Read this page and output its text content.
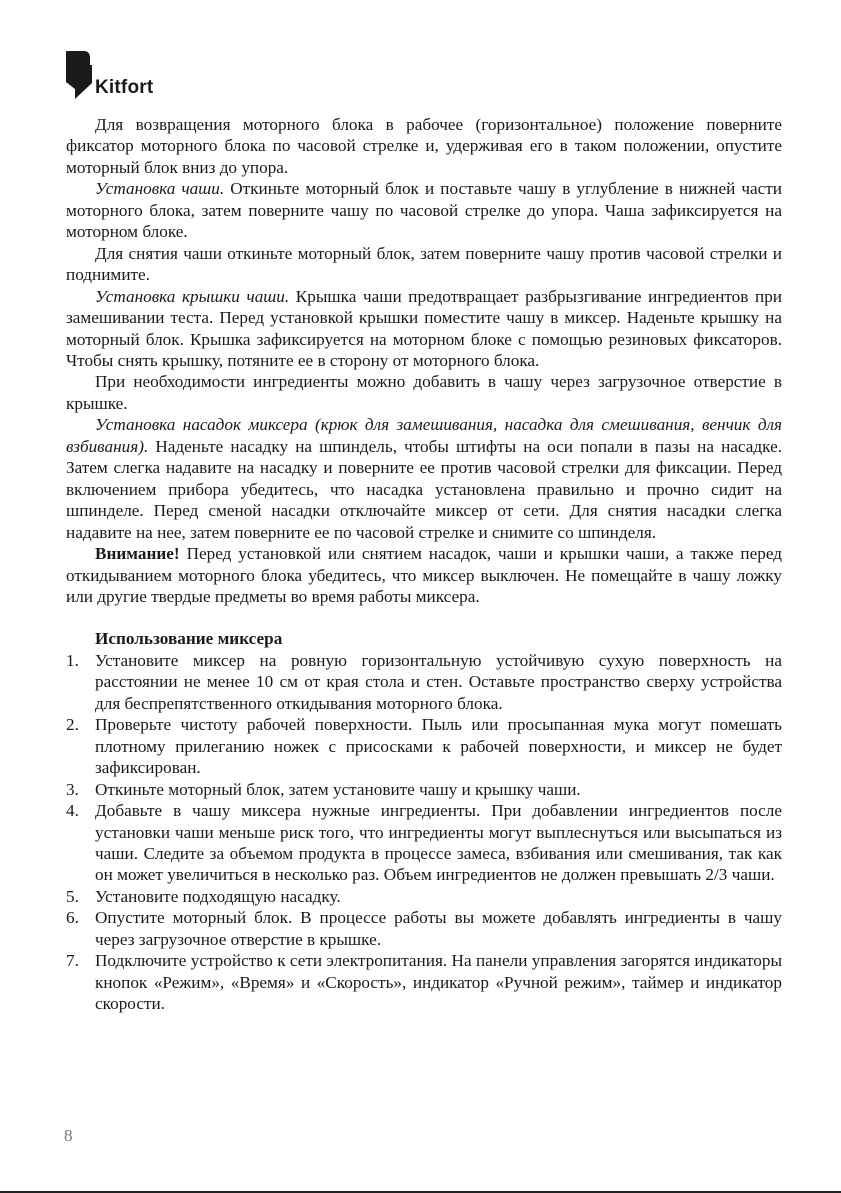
Kitfort

Для возвращения моторного блока в рабочее (горизонтальное) положение поверните фиксатор моторного блока по часовой стрелке и, удерживая его в таком положении, опустите моторный блок вниз до упора.

Установка чаши. Откиньте моторный блок и поставьте чашу в углубление в нижней части моторного блока, затем поверните чашу по часовой стрелке до упора. Чаша зафиксируется на моторном блоке.

Для снятия чаши откиньте моторный блок, затем поверните чашу против часовой стрелки и поднимите.

Установка крышки чаши. Крышка чаши предотвращает разбрызгивание ингредиентов при замешивании теста. Перед установкой крышки поместите чашу в миксер. Наденьте крышку на моторный блок. Крышка зафиксируется на моторном блоке с помощью резиновых фиксаторов. Чтобы снять крышку, потяните ее в сторону от моторного блока.

При необходимости ингредиенты можно добавить в чашу через загрузочное отверстие в крышке.

Установка насадок миксера (крюк для замешивания, насадка для смешивания, венчик для взбивания). Наденьте насадку на шпиндель, чтобы штифты на оси попали в пазы на насадке. Затем слегка надавите на насадку и поверните ее против часовой стрелки для фиксации. Перед включением прибора убедитесь, что насадка установлена правильно и прочно сидит на шпинделе. Перед сменой насадки отключайте миксер от сети. Для снятия насадки слегка надавите на нее, затем поверните ее по часовой стрелке и снимите со шпинделя.

Внимание! Перед установкой или снятием насадок, чаши и крышки чаши, а также перед откидыванием моторного блока убедитесь, что миксер выключен. Не помещайте в чашу ложку или другие твердые предметы во время работы миксера.

Использование миксера
1. Установите миксер на ровную горизонтальную устойчивую сухую поверхность на расстоянии не менее 10 см от края стола и стен. Оставьте пространство сверху устройства для беспрепятственного откидывания моторного блока.
2. Проверьте чистоту рабочей поверхности. Пыль или просыпанная мука могут помешать плотному прилеганию ножек с присосками к рабочей поверхности, и миксер не будет зафиксирован.
3. Откиньте моторный блок, затем установите чашу и крышку чаши.
4. Добавьте в чашу миксера нужные ингредиенты. При добавлении ингредиентов после установки чаши меньше риск того, что ингредиенты могут выплеснуться или высыпаться из чаши. Следите за объемом продукта в процессе замеса, взбивания или смешивания, так как он может увеличиться в несколько раз. Объем ингредиентов не должен превышать 2/3 чаши.
5. Установите подходящую насадку.
6. Опустите моторный блок. В процессе работы вы можете добавлять ингредиенты в чашу через загрузочное отверстие в крышке.
7. Подключите устройство к сети электропитания. На панели управления загорятся индикаторы кнопок «Режим», «Время» и «Скорость», индикатор «Ручной режим», таймер и индикатор скорости.
8
